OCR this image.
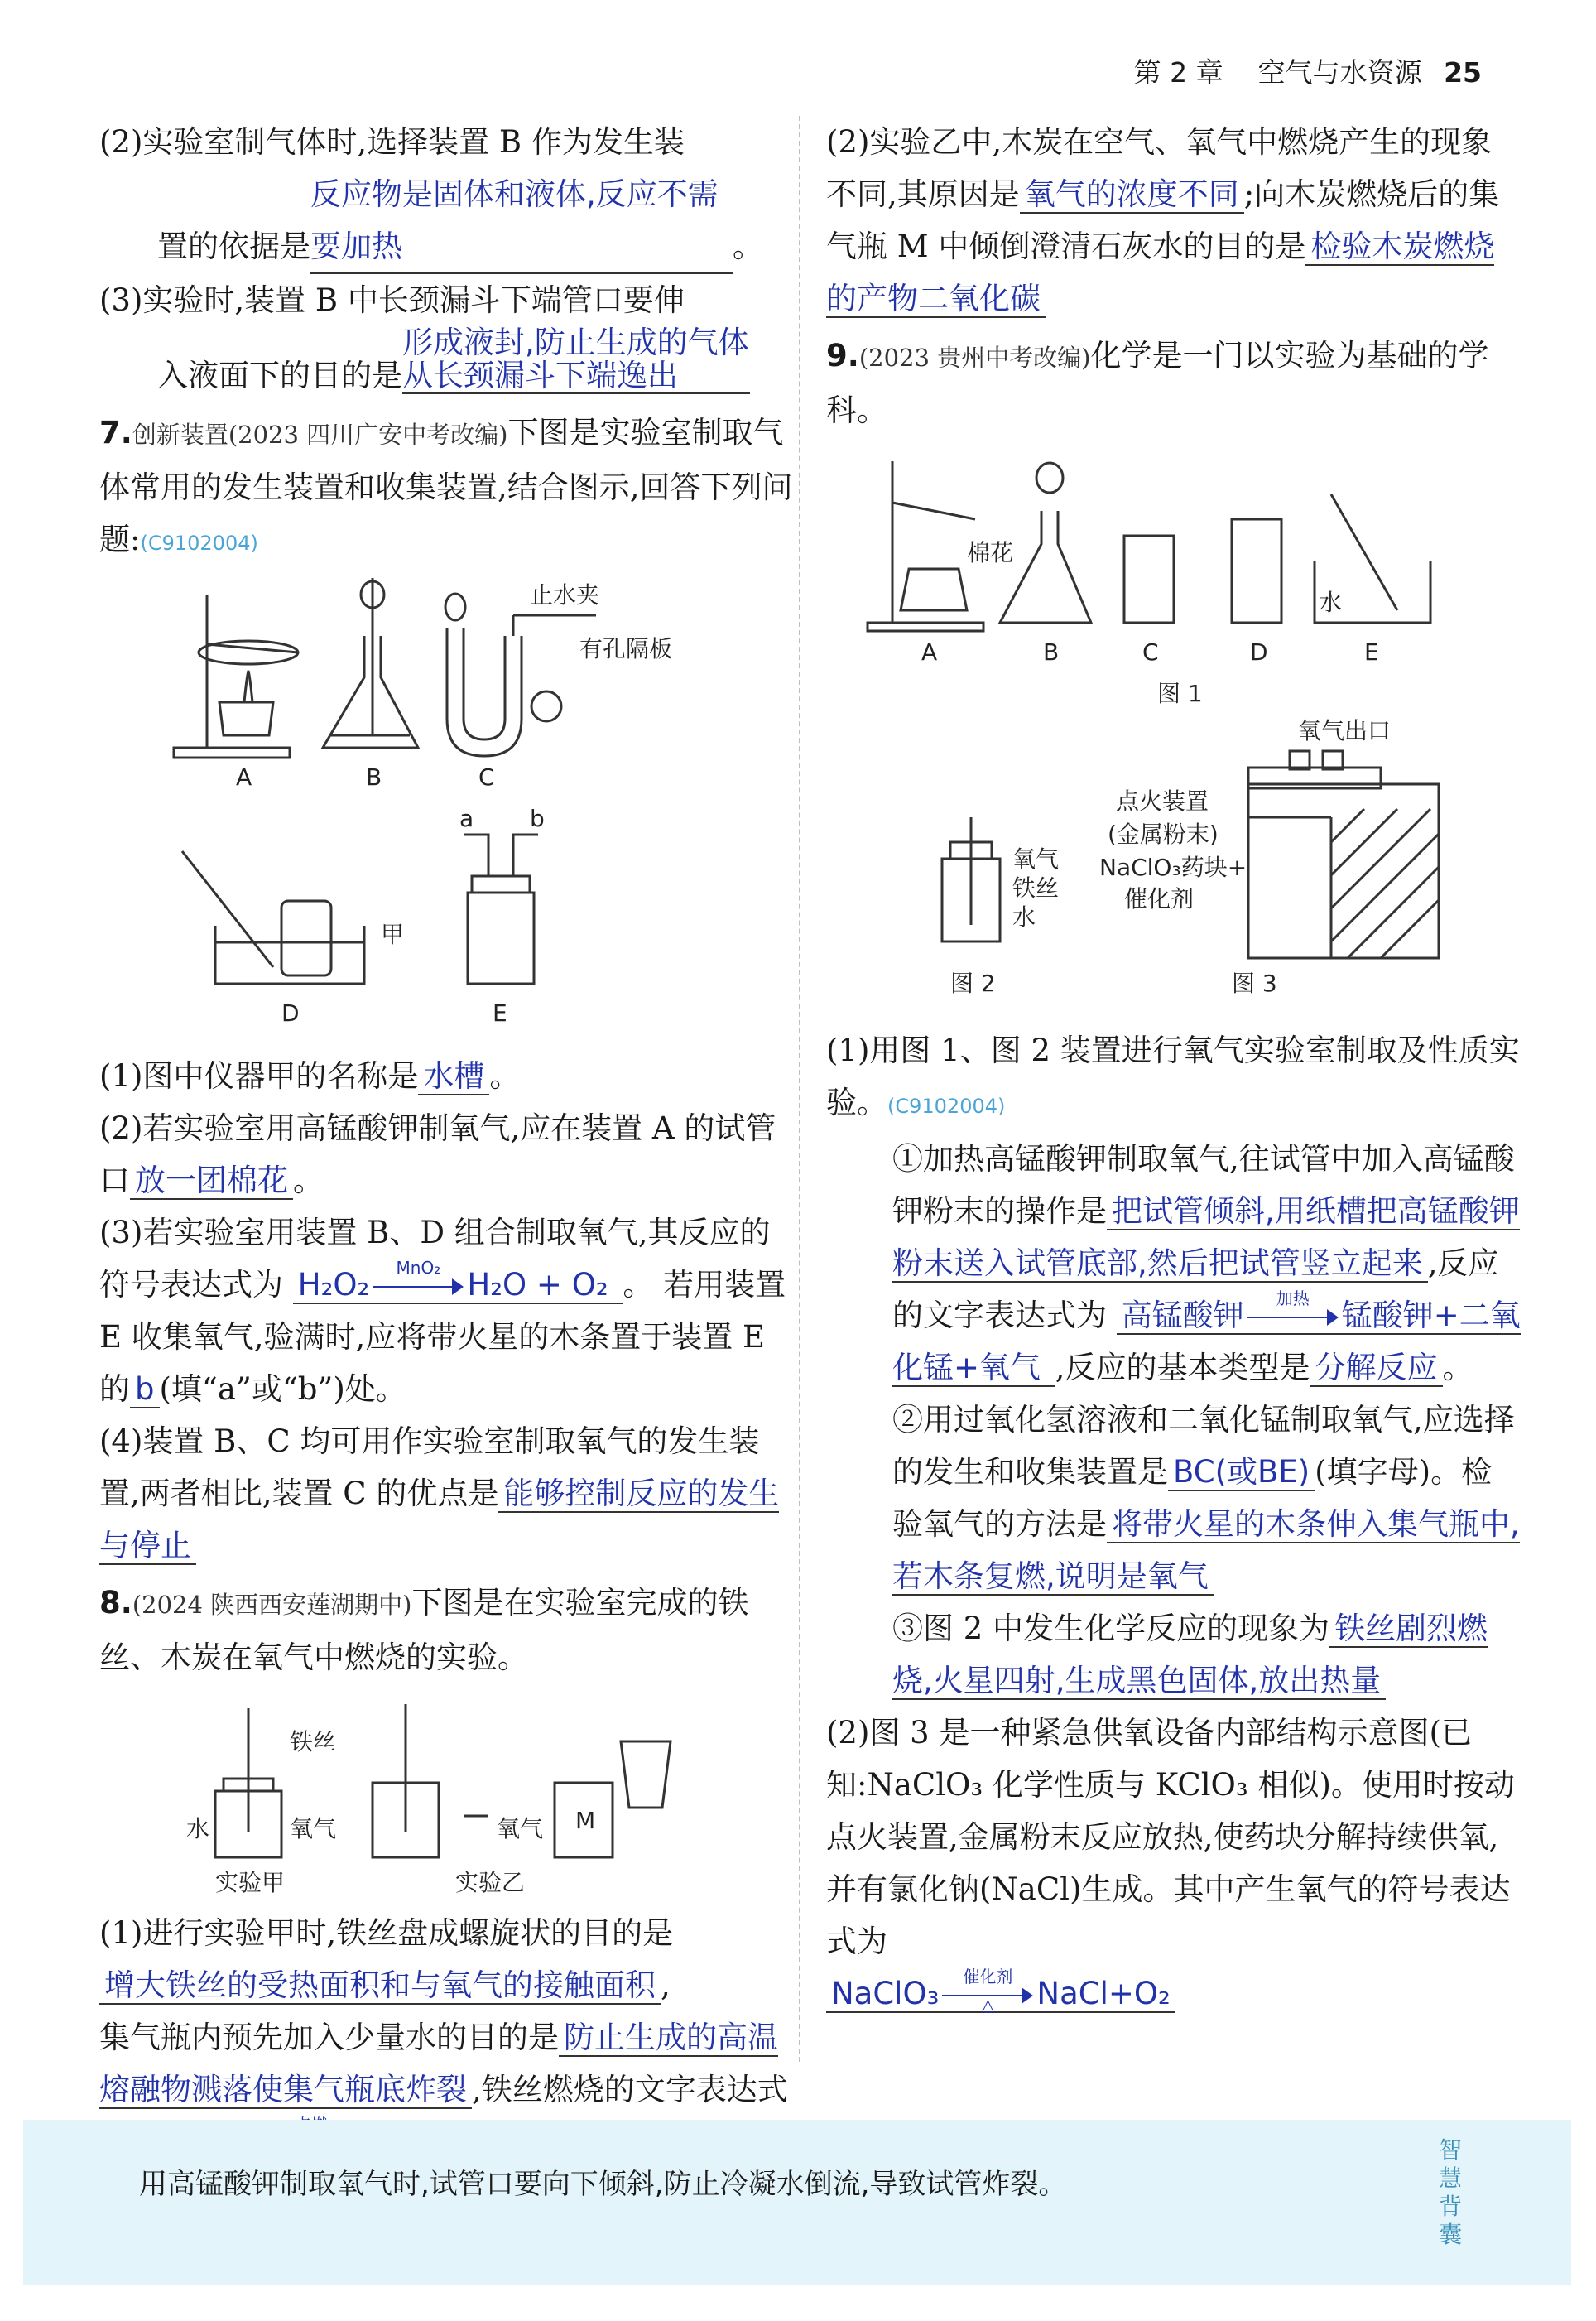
第 2 章 空气与水资源 25

(2)实验室制气体时,选择装置 B 作为发生装
置的依据是反应物是固体和液体,反应不需要加热	。

(3)实验时,装置 B 中长颈漏斗下端管口要伸
入液面下的目的是形成液封,防止生成的气体从长颈漏斗下端逸出

7.创新装置(2023 四川广安中考改编)下图是实验室制取气体常用的发生装置和收集装置,结合图示,回答下列问题:(C9102004)

A	B	C
D	E
止水夹
有孔隔板
甲
a b

(1)图中仪器甲的名称是 水槽 。

(2)若实验室用高锰酸钾制氧气,应在装置 A 的试管口 放一团棉花 。

(3)若实验室用装置 B、D 组合制取氧气,其反应的符号表达式为 H₂O₂	MnO₂ H₂O + O₂ 。 若用装置 E 收集氧气,验满时,应将带火星的木条置于装置 E 的 b (填“a”或“b”)处。

(4)装置 B、C 均可用作实验室制取氧气的发生装置,两者相比,装置 C 的优点是 能够控制反应的发生与停止

8.(2024 陕西西安莲湖期中)下图是在实验室完成的铁丝、木炭在氧气中燃烧的实验。

铁丝
水	氧气	氧气 M
实验甲	实验乙

(1)进行实验甲时,铁丝盘成螺旋状的目的是
增大铁丝的受热面积和与氧气的接触面积 ,
集气瓶内预先加入少量水的目的是 防止生成的高温熔融物溅落使集气瓶底炸裂 ,铁丝燃烧的文字表达式

(2)实验乙中,木炭在空气、氧气中燃烧产生的现象不同,其原因是 氧气的浓度不同 ;向木炭燃烧后的集气瓶 M 中倾倒澄清石灰水的目的是 检验木炭燃烧的产物二氧化碳

9.(2023 贵州中考改编)化学是一门以实验为基础的学科。

棉花
水
A	B	C	D	E
图 1
氧气出口
点火装置
(金属粉末)
NaClO₃药块+
催化剂
氧气
铁丝
水
图 2	图 3

(1)用图 1、图 2 装置进行氧气实验室制取及性质实验。(C9102004)

①加热高锰酸钾制取氧气,往试管中加入高锰酸钾粉末的操作是 把试管倾斜,用纸槽把高锰酸钾粉末送入试管底部,然后把试管竖立起来 ,反应的文字表达式为 高锰酸钾	加热	锰酸钾+二氧化锰+氧气 ,反应的基本类型是 分解反应 。

②用过氧化氢溶液和二氧化锰制取氧气,应选择的发生和收集装置是 BC(或BE) (填字母)。检验氧气的方法是 将带火星的木条伸入集气瓶中,若木条复燃,说明是氧气

③图 2 中发生化学反应的现象为 铁丝剧烈燃烧,火星四射,生成黑色固体,放出热量

(2)图 3 是一种紧急供氧设备内部结构示意图(已知:NaClO₃ 化学性质与 KClO₃ 相似)。使用时按动点火装置,金属粉末反应放热,使药块分解持续供氧,并有氯化钠(NaCl)生成。其中产生氧气的符号表达式为
NaClO₃	催化剂
△	NaCl+O₂

用高锰酸钾制取氧气时,试管口要向下倾斜,防止冷凝水倒流,导致试管炸裂。
智慧背囊
